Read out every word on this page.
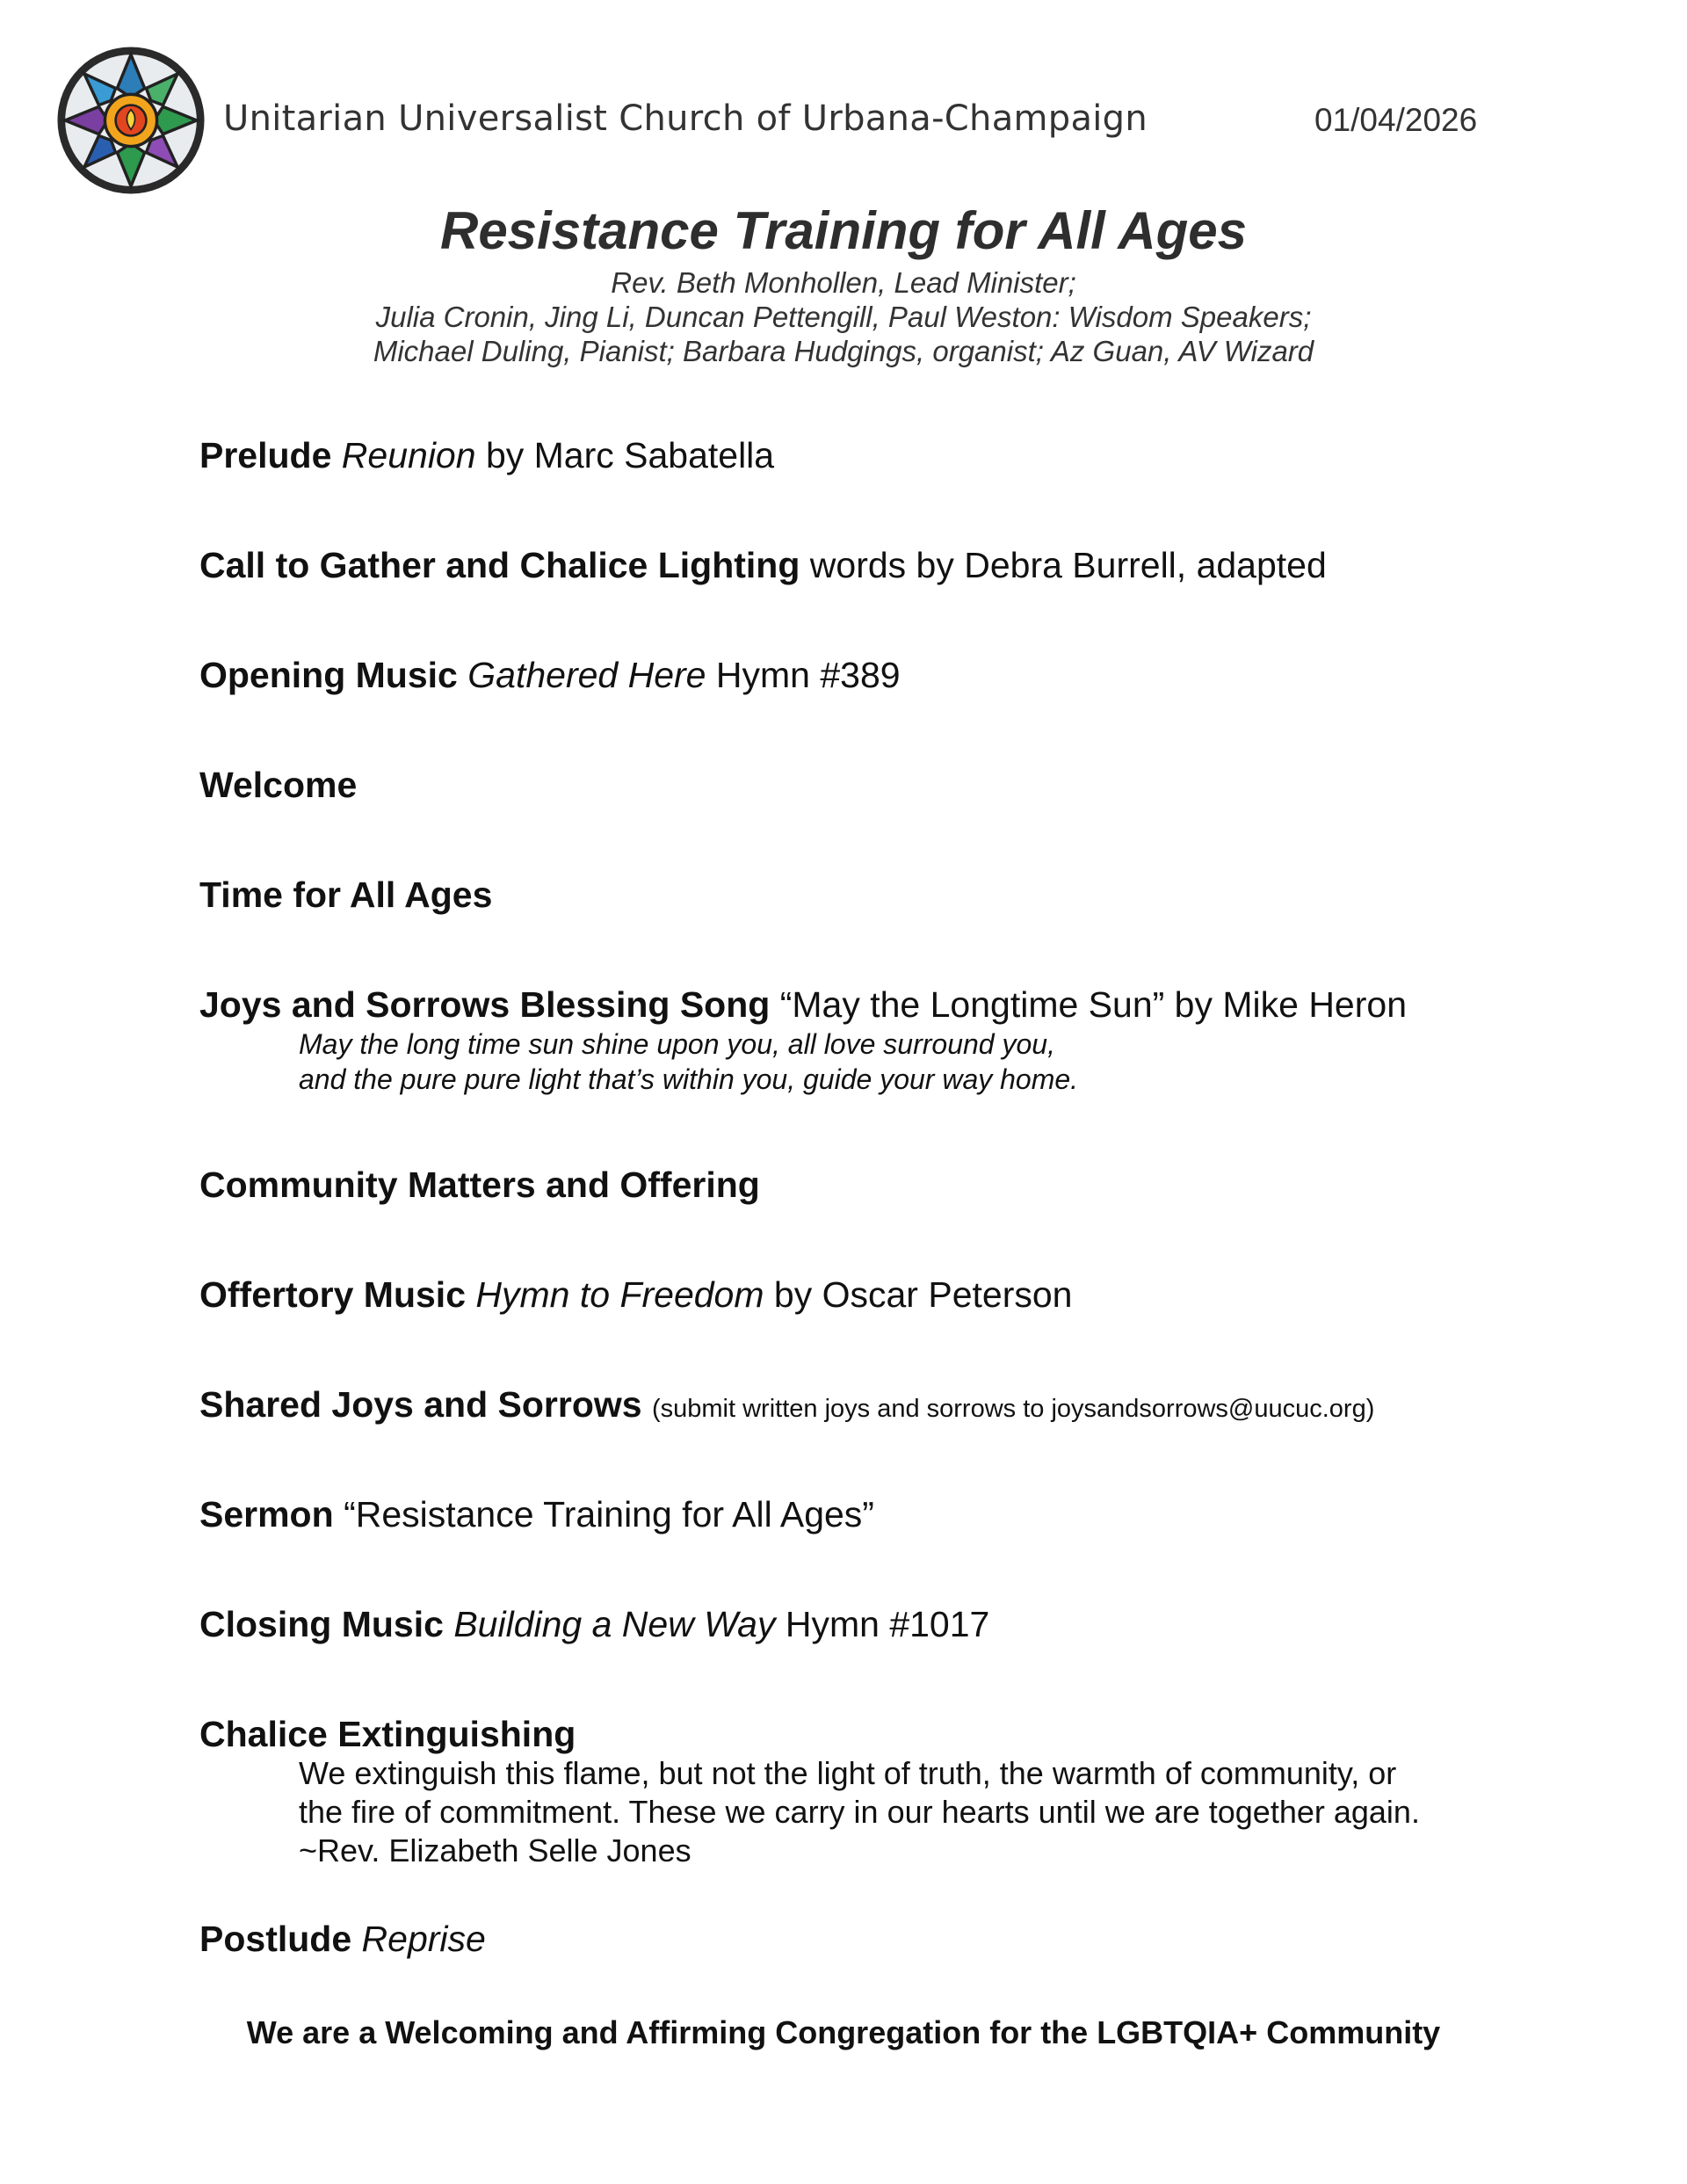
Unitarian Universalist Church of Urbana-Champaign	01/04/2026
Resistance Training for All Ages
Rev. Beth Monhollen, Lead Minister;
Julia Cronin, Jing Li, Duncan Pettengill, Paul Weston: Wisdom Speakers;
Michael Duling, Pianist; Barbara Hudgings, organist; Az Guan, AV Wizard
Prelude Reunion by Marc Sabatella
Call to Gather and Chalice Lighting words by Debra Burrell, adapted
Opening Music Gathered Here Hymn #389
Welcome
Time for All Ages
Joys and Sorrows Blessing Song “May the Longtime Sun” by Mike Heron
May the long time sun shine upon you, all love surround you,
and the pure pure light that’s within you, guide your way home.
Community Matters and Offering
Offertory Music Hymn to Freedom by Oscar Peterson
Shared Joys and Sorrows (submit written joys and sorrows to joysandsorrows@uucuc.org)
Sermon “Resistance Training for All Ages”
Closing Music Building a New Way Hymn #1017
Chalice Extinguishing
We extinguish this flame, but not the light of truth, the warmth of community, or
the fire of commitment. These we carry in our hearts until we are together again.
~Rev. Elizabeth Selle Jones
Postlude Reprise
We are a Welcoming and Affirming Congregation for the LGBTQIA+ Community
